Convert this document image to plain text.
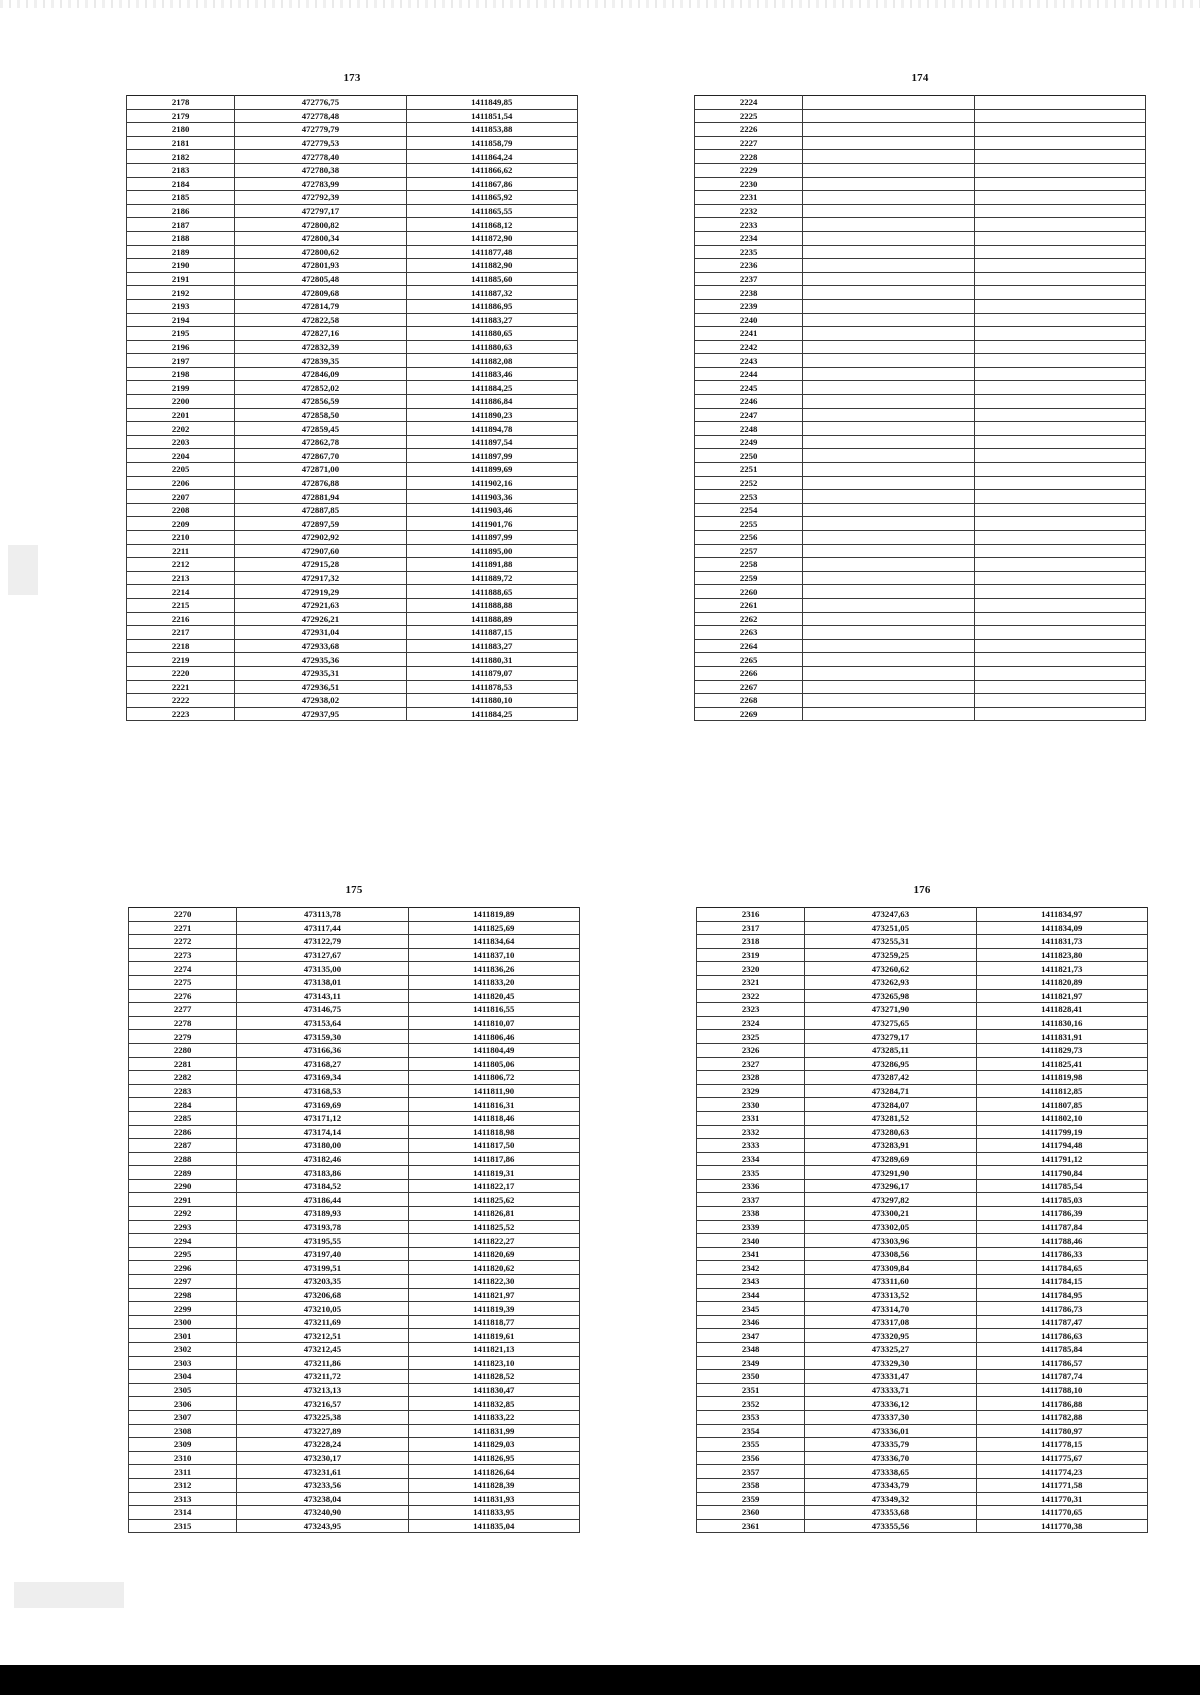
173
2178	472776,75	1411849,85
2179	472778,48	1411851,54
2180	472779,79	1411853,88
2181	472779,53	1411858,79
2182	472778,40	1411864,24
2183	472780,38	1411866,62
2184	472783,99	1411867,86
2185	472792,39	1411865,92
2186	472797,17	1411865,55
2187	472800,82	1411868,12
2188	472800,34	1411872,90
2189	472800,62	1411877,48
2190	472801,93	1411882,90
2191	472805,48	1411885,60
2192	472809,68	1411887,32
2193	472814,79	1411886,95
2194	472822,58	1411883,27
2195	472827,16	1411880,65
2196	472832,39	1411880,63
2197	472839,35	1411882,08
2198	472846,09	1411883,46
2199	472852,02	1411884,25
2200	472856,59	1411886,84
2201	472858,50	1411890,23
2202	472859,45	1411894,78
2203	472862,78	1411897,54
2204	472867,70	1411897,99
2205	472871,00	1411899,69
2206	472876,88	1411902,16
2207	472881,94	1411903,36
2208	472887,85	1411903,46
2209	472897,59	1411901,76
2210	472902,92	1411897,99
2211	472907,60	1411895,00
2212	472915,28	1411891,88
2213	472917,32	1411889,72
2214	472919,29	1411888,65
2215	472921,63	1411888,88
2216	472926,21	1411888,89
2217	472931,04	1411887,15
2218	472933,68	1411883,27
2219	472935,36	1411880,31
2220	472935,31	1411879,07
2221	472936,51	1411878,53
2222	472938,02	1411880,10
2223	472937,95	1411884,25
174
2224		
2225		
2226		
2227		
2228		
2229		
2230		
2231		
2232		
2233		
2234		
2235		
2236		
2237		
2238		
2239		
2240		
2241		
2242		
2243		
2244		
2245		
2246		
2247		
2248		
2249		
2250		
2251		
2252		
2253		
2254		
2255		
2256		
2257		
2258		
2259		
2260		
2261		
2262		
2263		
2264		
2265		
2266		
2267		
2268		
2269		
175
2270	473113,78	1411819,89
2271	473117,44	1411825,69
2272	473122,79	1411834,64
2273	473127,67	1411837,10
2274	473135,00	1411836,26
2275	473138,01	1411833,20
2276	473143,11	1411820,45
2277	473146,75	1411816,55
2278	473153,64	1411810,07
2279	473159,30	1411806,46
2280	473166,36	1411804,49
2281	473168,27	1411805,06
2282	473169,34	1411806,72
2283	473168,53	1411811,90
2284	473169,69	1411816,31
2285	473171,12	1411818,46
2286	473174,14	1411818,98
2287	473180,00	1411817,50
2288	473182,46	1411817,86
2289	473183,86	1411819,31
2290	473184,52	1411822,17
2291	473186,44	1411825,62
2292	473189,93	1411826,81
2293	473193,78	1411825,52
2294	473195,55	1411822,27
2295	473197,40	1411820,69
2296	473199,51	1411820,62
2297	473203,35	1411822,30
2298	473206,68	1411821,97
2299	473210,05	1411819,39
2300	473211,69	1411818,77
2301	473212,51	1411819,61
2302	473212,45	1411821,13
2303	473211,86	1411823,10
2304	473211,72	1411828,52
2305	473213,13	1411830,47
2306	473216,57	1411832,85
2307	473225,38	1411833,22
2308	473227,89	1411831,99
2309	473228,24	1411829,03
2310	473230,17	1411826,95
2311	473231,61	1411826,64
2312	473233,56	1411828,39
2313	473238,04	1411831,93
2314	473240,90	1411833,95
2315	473243,95	1411835,04
176
2316	473247,63	1411834,97
2317	473251,05	1411834,09
2318	473255,31	1411831,73
2319	473259,25	1411823,80
2320	473260,62	1411821,73
2321	473262,93	1411820,89
2322	473265,98	1411821,97
2323	473271,90	1411828,41
2324	473275,65	1411830,16
2325	473279,17	1411831,91
2326	473285,11	1411829,73
2327	473286,95	1411825,41
2328	473287,42	1411819,98
2329	473284,71	1411812,85
2330	473284,07	1411807,85
2331	473281,52	1411802,10
2332	473280,63	1411799,19
2333	473283,91	1411794,48
2334	473289,69	1411791,12
2335	473291,90	1411790,84
2336	473296,17	1411785,54
2337	473297,82	1411785,03
2338	473300,21	1411786,39
2339	473302,05	1411787,84
2340	473303,96	1411788,46
2341	473308,56	1411786,33
2342	473309,84	1411784,65
2343	473311,60	1411784,15
2344	473313,52	1411784,95
2345	473314,70	1411786,73
2346	473317,08	1411787,47
2347	473320,95	1411786,63
2348	473325,27	1411785,84
2349	473329,30	1411786,57
2350	473331,47	1411787,74
2351	473333,71	1411788,10
2352	473336,12	1411786,88
2353	473337,30	1411782,88
2354	473336,01	1411780,97
2355	473335,79	1411778,15
2356	473336,70	1411775,67
2357	473338,65	1411774,23
2358	473343,79	1411771,58
2359	473349,32	1411770,31
2360	473353,68	1411770,65
2361	473355,56	1411770,38
